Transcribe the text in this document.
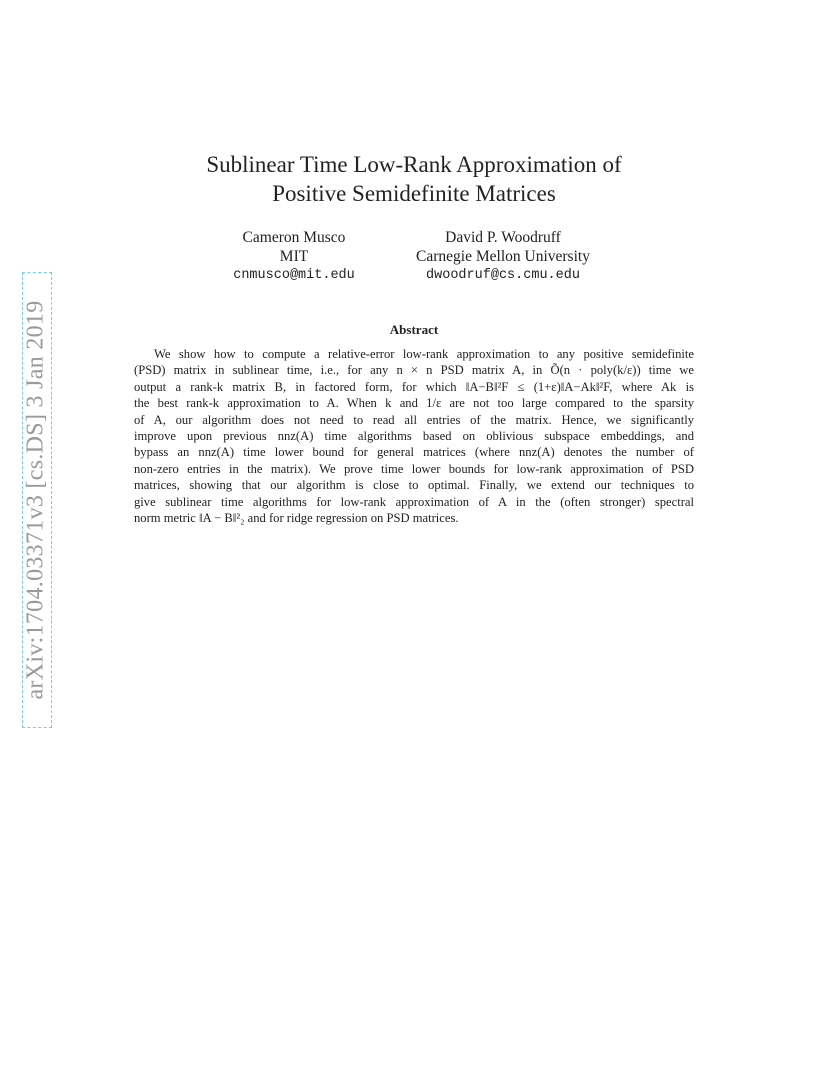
arXiv:1704.03371v3 [cs.DS] 3 Jan 2019
Sublinear Time Low-Rank Approximation of
Positive Semidefinite Matrices
Cameron Musco
MIT
cnmusco@mit.edu
David P. Woodruff
Carnegie Mellon University
dwoodruf@cs.cmu.edu
Abstract
We show how to compute a relative-error low-rank approximation to any positive semidefinite
(PSD) matrix in sublinear time, i.e., for any n × n PSD matrix A, in Õ(n · poly(k/ε)) time we
output a rank-k matrix B, in factored form, for which ‖A−B‖²F ≤ (1+ε)‖A−Ak‖²F, where Ak is
the best rank-k approximation to A. When k and 1/ε are not too large compared to the sparsity
of A, our algorithm does not need to read all entries of the matrix. Hence, we significantly
improve upon previous nnz(A) time algorithms based on oblivious subspace embeddings, and
bypass an nnz(A) time lower bound for general matrices (where nnz(A) denotes the number of
non-zero entries in the matrix). We prove time lower bounds for low-rank approximation of PSD
matrices, showing that our algorithm is close to optimal. Finally, we extend our techniques to
give sublinear time algorithms for low-rank approximation of A in the (often stronger) spectral
norm metric ‖A − B‖²₂ and for ridge regression on PSD matrices.
